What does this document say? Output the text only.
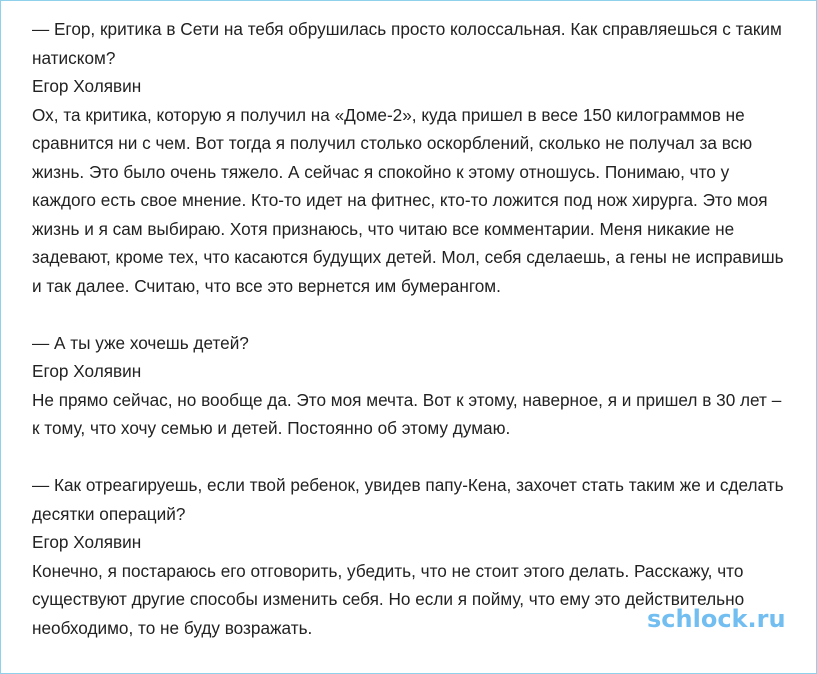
— Егор, критика в Сети на тебя обрушилась просто колоссальная. Как справляешься с таким натиском?

Егор Холявин

Ох, та критика, которую я получил на «Доме-2», куда пришел в весе 150 килограммов не сравнится ни с чем. Вот тогда я получил столько оскорблений, сколько не получал за всю жизнь. Это было очень тяжело. А сейчас я спокойно к этому отношусь. Понимаю, что у каждого есть свое мнение. Кто-то идет на фитнес, кто-то ложится под нож хирурга. Это моя жизнь и я сам выбираю. Хотя признаюсь, что читаю все комментарии. Меня никакие не задевают, кроме тех, что касаются будущих детей. Мол, себя сделаешь, а гены не исправишь и так далее. Считаю, что все это вернется им бумерангом.

— А ты уже хочешь детей?

Егор Холявин

Не прямо сейчас, но вообще да. Это моя мечта. Вот к этому, наверное, я и пришел в 30 лет – к тому, что хочу семью и детей. Постоянно об этому думаю.

— Как отреагируешь, если твой ребенок, увидев папу-Кена, захочет стать таким же и сделать десятки операций?

Егор Холявин

Конечно, я постараюсь его отговорить, убедить, что не стоит этого делать. Расскажу, что существуют другие способы изменить себя. Но если я пойму, что ему это действительно необходимо, то не буду возражать.	schlock.ru
